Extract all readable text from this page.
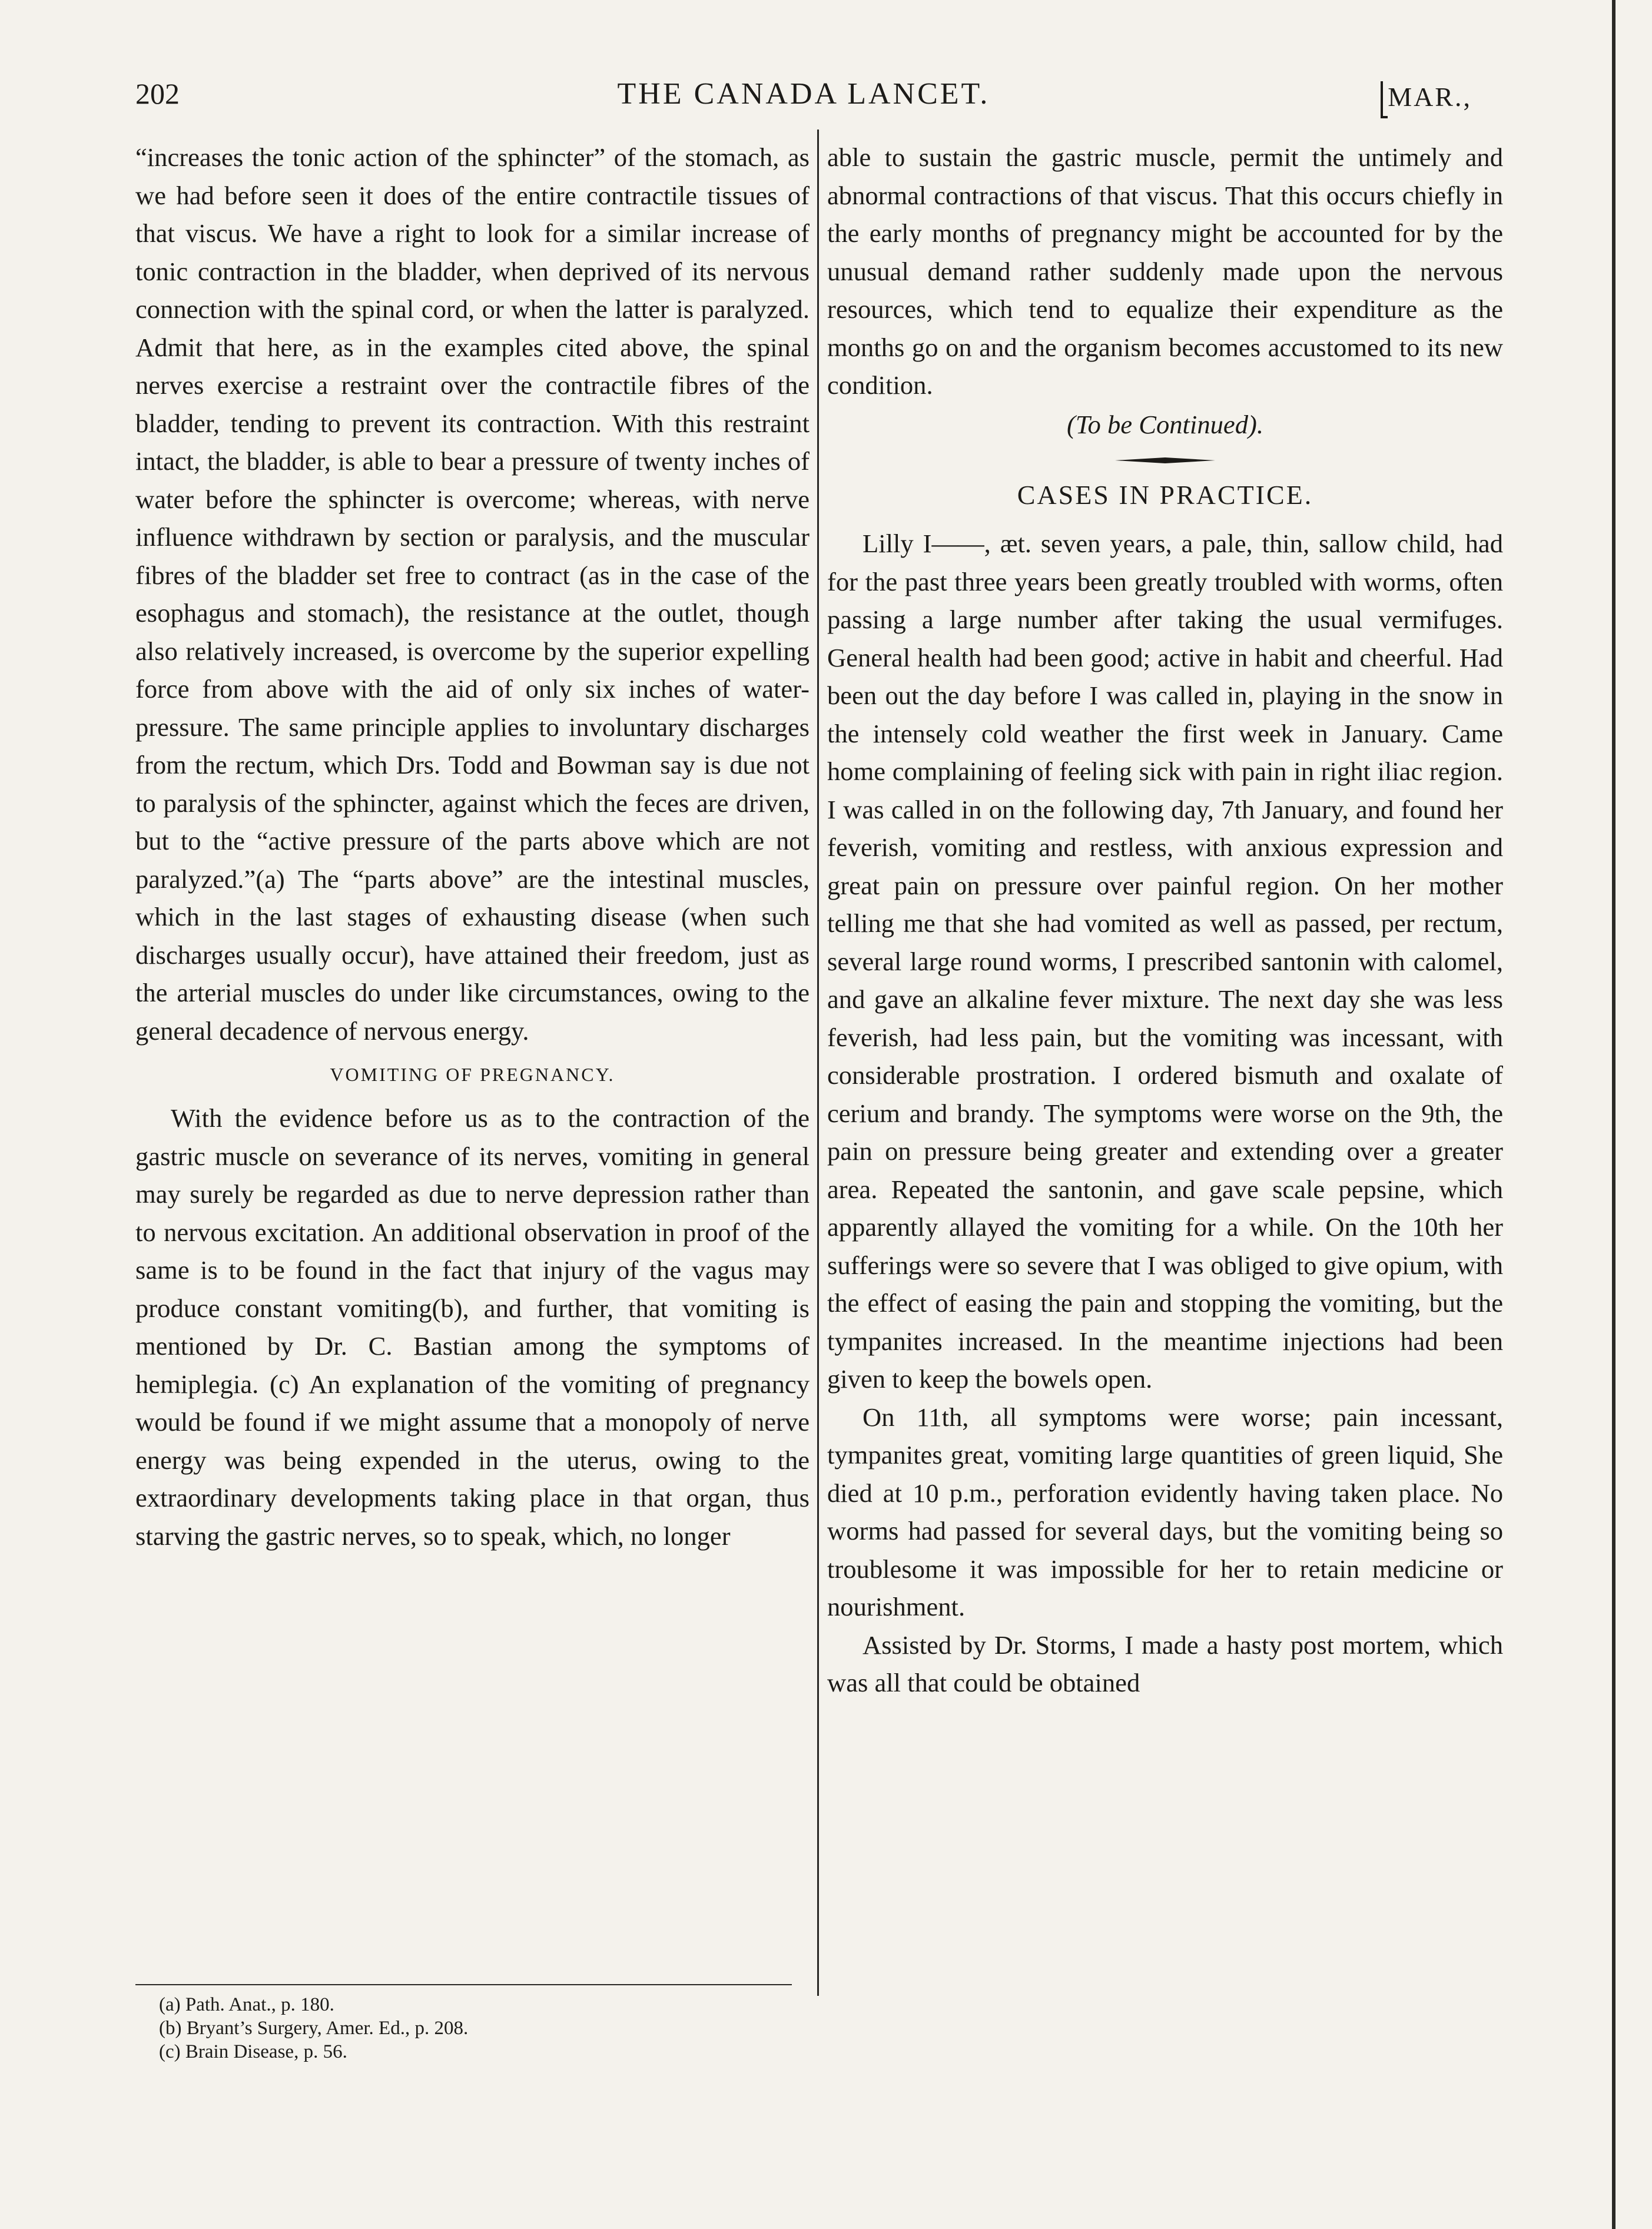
202	THE CANADA LANCET.	MAR.,

“increases the tonic action of the sphincter” of the stomach, as we had before seen it does of the entire contractile tissues of that viscus. We have a right to look for a similar increase of tonic contraction in the bladder, when deprived of its nervous connection with the spinal cord, or when the latter is paralyzed. Admit that here, as in the examples cited above, the spinal nerves exercise a restraint over the contractile fibres of the bladder, tending to prevent its contraction. With this restraint intact, the bladder, is able to bear a pressure of twenty inches of water before the sphincter is overcome; whereas, with nerve influence withdrawn by section or paralysis, and the muscular fibres of the bladder set free to contract (as in the case of the esophagus and stomach), the resistance at the outlet, though also relatively increased, is overcome by the superior expelling force from above with the aid of only six inches of water-pressure. The same principle applies to involuntary discharges from the rectum, which Drs. Todd and Bowman say is due not to paralysis of the sphincter, against which the feces are driven, but to the “active pressure of the parts above which are not paralyzed.”(a) The “parts above” are the intestinal muscles, which in the last stages of exhausting disease (when such discharges usually occur), have attained their freedom, just as the arterial muscles do under like circumstances, owing to the general decadence of nervous energy.

VOMITING OF PREGNANCY.

With the evidence before us as to the contraction of the gastric muscle on severance of its nerves, vomiting in general may surely be regarded as due to nerve depression rather than to nervous excitation. An additional observation in proof of the same is to be found in the fact that injury of the vagus may produce constant vomiting(b), and further, that vomiting is mentioned by Dr. C. Bastian among the symptoms of hemiplegia. (c) An explanation of the vomiting of pregnancy would be found if we might assume that a monopoly of nerve energy was being expended in the uterus, owing to the extraordinary developments taking place in that organ, thus starving the gastric nerves, so to speak, which, no longer

(a) Path. Anat., p. 180.
(b) Bryant’s Surgery, Amer. Ed., p. 208.
(c) Brain Disease, p. 56.

able to sustain the gastric muscle, permit the untimely and abnormal contractions of that viscus. That this occurs chiefly in the early months of pregnancy might be accounted for by the unusual demand rather suddenly made upon the nervous resources, which tend to equalize their expenditure as the months go on and the organism becomes accustomed to its new condition.

(To be Continued).

CASES IN PRACTICE.

Lilly I——, æt. seven years, a pale, thin, sallow child, had for the past three years been greatly troubled with worms, often passing a large number after taking the usual vermifuges. General health had been good; active in habit and cheerful. Had been out the day before I was called in, playing in the snow in the intensely cold weather the first week in January. Came home complaining of feeling sick with pain in right iliac region. I was called in on the following day, 7th January, and found her feverish, vomiting and restless, with anxious expression and great pain on pressure over painful region. On her mother telling me that she had vomited as well as passed, per rectum, several large round worms, I prescribed santonin with calomel, and gave an alkaline fever mixture. The next day she was less feverish, had less pain, but the vomiting was incessant, with considerable prostration. I ordered bismuth and oxalate of cerium and brandy. The symptoms were worse on the 9th, the pain on pressure being greater and extending over a greater area. Repeated the santonin, and gave scale pepsine, which apparently allayed the vomiting for a while. On the 10th her sufferings were so severe that I was obliged to give opium, with the effect of easing the pain and stopping the vomiting, but the tympanites increased. In the meantime injections had been given to keep the bowels open.

On 11th, all symptoms were worse; pain incessant, tympanites great, vomiting large quantities of green liquid, She died at 10 p.m., perforation evidently having taken place. No worms had passed for several days, but the vomiting being so troublesome it was impossible for her to retain medicine or nourishment.

Assisted by Dr. Storms, I made a hasty post mortem, which was all that could be obtained
